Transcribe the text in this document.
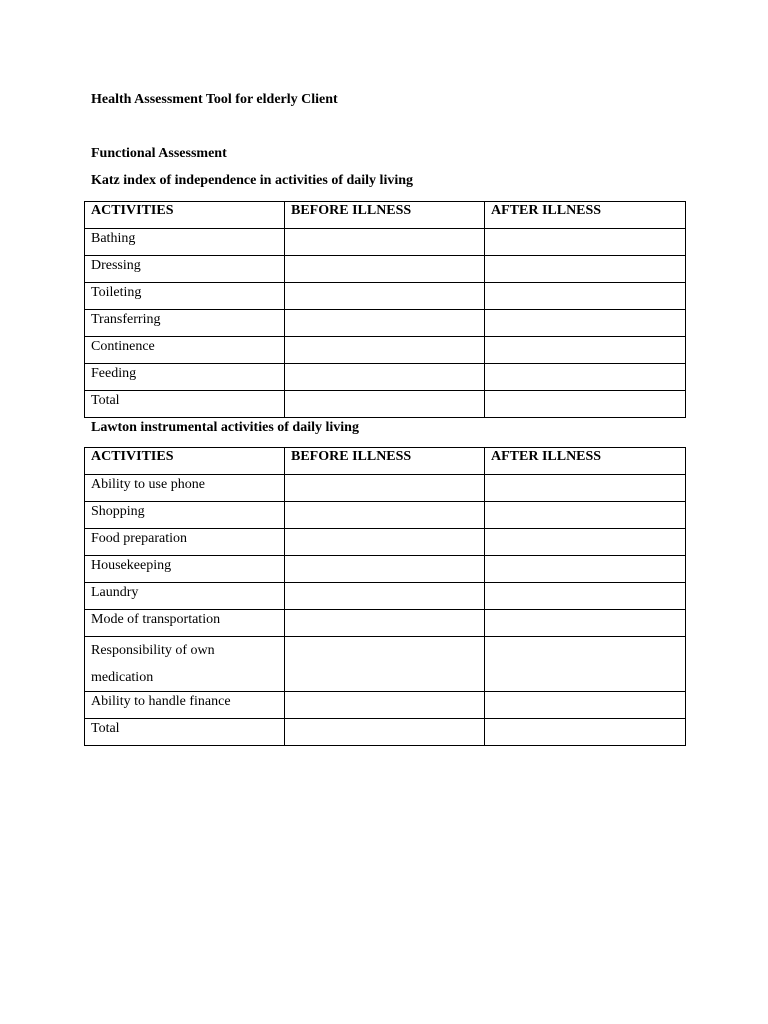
Health Assessment Tool for elderly Client
Functional Assessment
Katz index of independence in activities of daily living
ACTIVITIES	BEFORE ILLNESS	AFTER ILLNESS
Bathing		
Dressing		
Toileting		
Transferring		
Continence		
Feeding		
Total		
Lawton instrumental activities of daily living
ACTIVITIES	BEFORE ILLNESS	AFTER ILLNESS
Ability to use phone		
Shopping		
Food preparation		
Housekeeping		
Laundry		
Mode of transportation		
Responsibility of own medication		
Ability to handle finance		
Total		
